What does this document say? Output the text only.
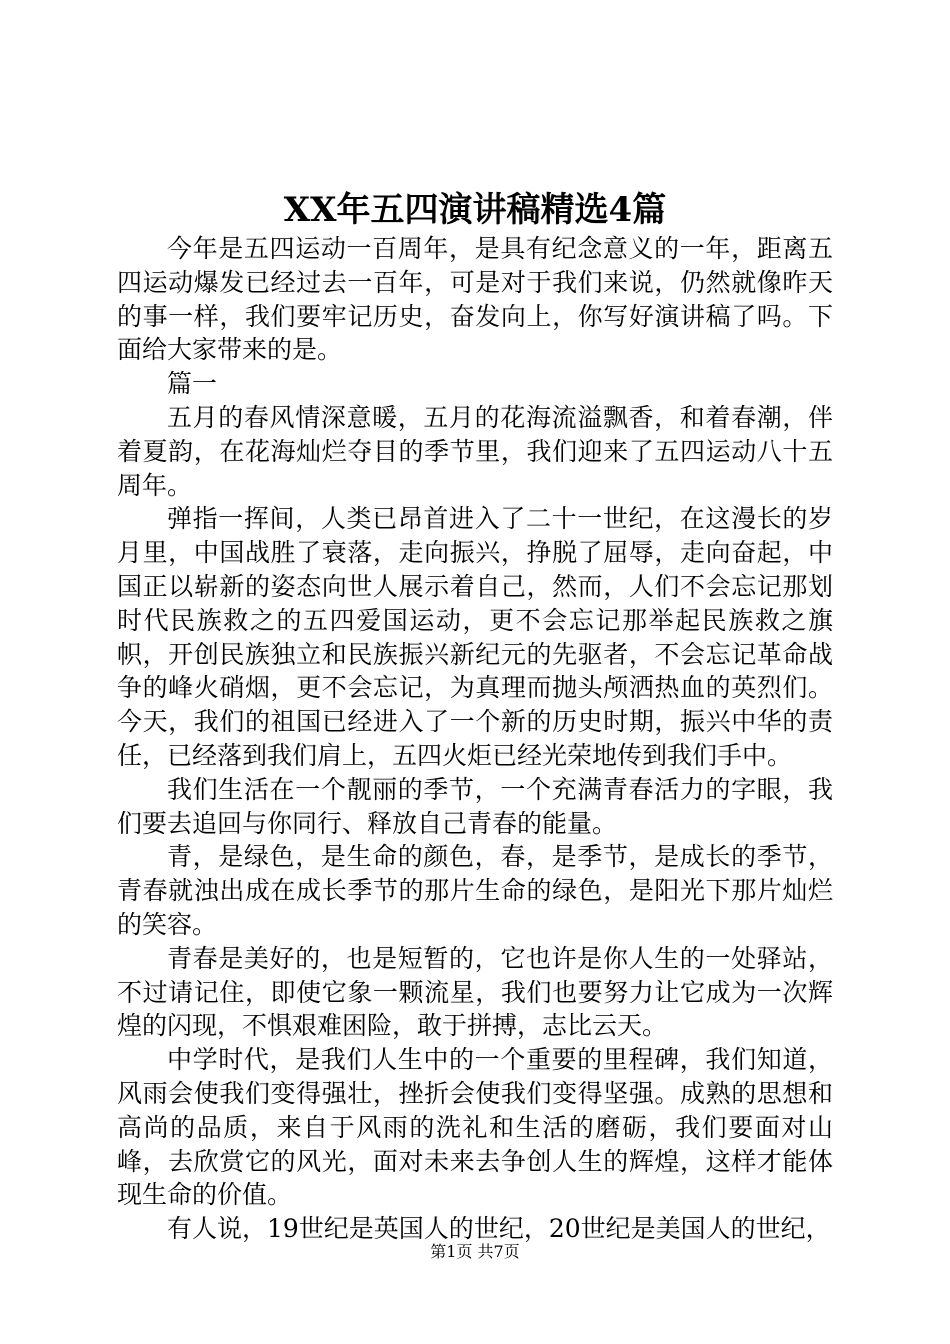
XX年五四演讲稿精选4篇

今年是五四运动一百周年，是具有纪念意义的一年，距离五四运动爆发已经过去一百年，可是对于我们来说，仍然就像昨天的事一样，我们要牢记历史，奋发向上，你写好演讲稿了吗。下面给大家带来的是。

篇一

五月的春风情深意暖，五月的花海流溢飘香，和着春潮，伴着夏韵，在花海灿烂夺目的季节里，我们迎来了五四运动八十五周年。

弹指一挥间，人类已昂首进入了二十一世纪，在这漫长的岁月里，中国战胜了衰落，走向振兴，挣脱了屈辱，走向奋起，中国正以崭新的姿态向世人展示着自己，然而，人们不会忘记那划时代民族救之的五四爱国运动，更不会忘记那举起民族救之旗帜，开创民族独立和民族振兴新纪元的先驱者，不会忘记革命战争的峰火硝烟，更不会忘记，为真理而抛头颅洒热血的英烈们。今天，我们的祖国已经进入了一个新的历史时期，振兴中华的责任，已经落到我们肩上，五四火炬已经光荣地传到我们手中。

我们生活在一个靓丽的季节，一个充满青春活力的字眼，我们要去追回与你同行、释放自己青春的能量。

青，是绿色，是生命的颜色，春，是季节，是成长的季节，青春就浊出成在成长季节的那片生命的绿色，是阳光下那片灿烂的笑容。

青春是美好的，也是短暂的，它也许是你人生的一处驿站，不过请记住，即使它象一颗流星，我们也要努力让它成为一次辉煌的闪现，不惧艰难困险，敢于拼搏，志比云天。

中学时代，是我们人生中的一个重要的里程碑，我们知道，风雨会使我们变得强壮，挫折会使我们变得坚强。成熟的思想和高尚的品质，来自于风雨的洗礼和生活的磨砺，我们要面对山峰，去欣赏它的风光，面对未来去争创人生的辉煌，这样才能体现生命的价值。

有人说，19世纪是英国人的世纪，20世纪是美国人的世纪，

第1页 共7页
